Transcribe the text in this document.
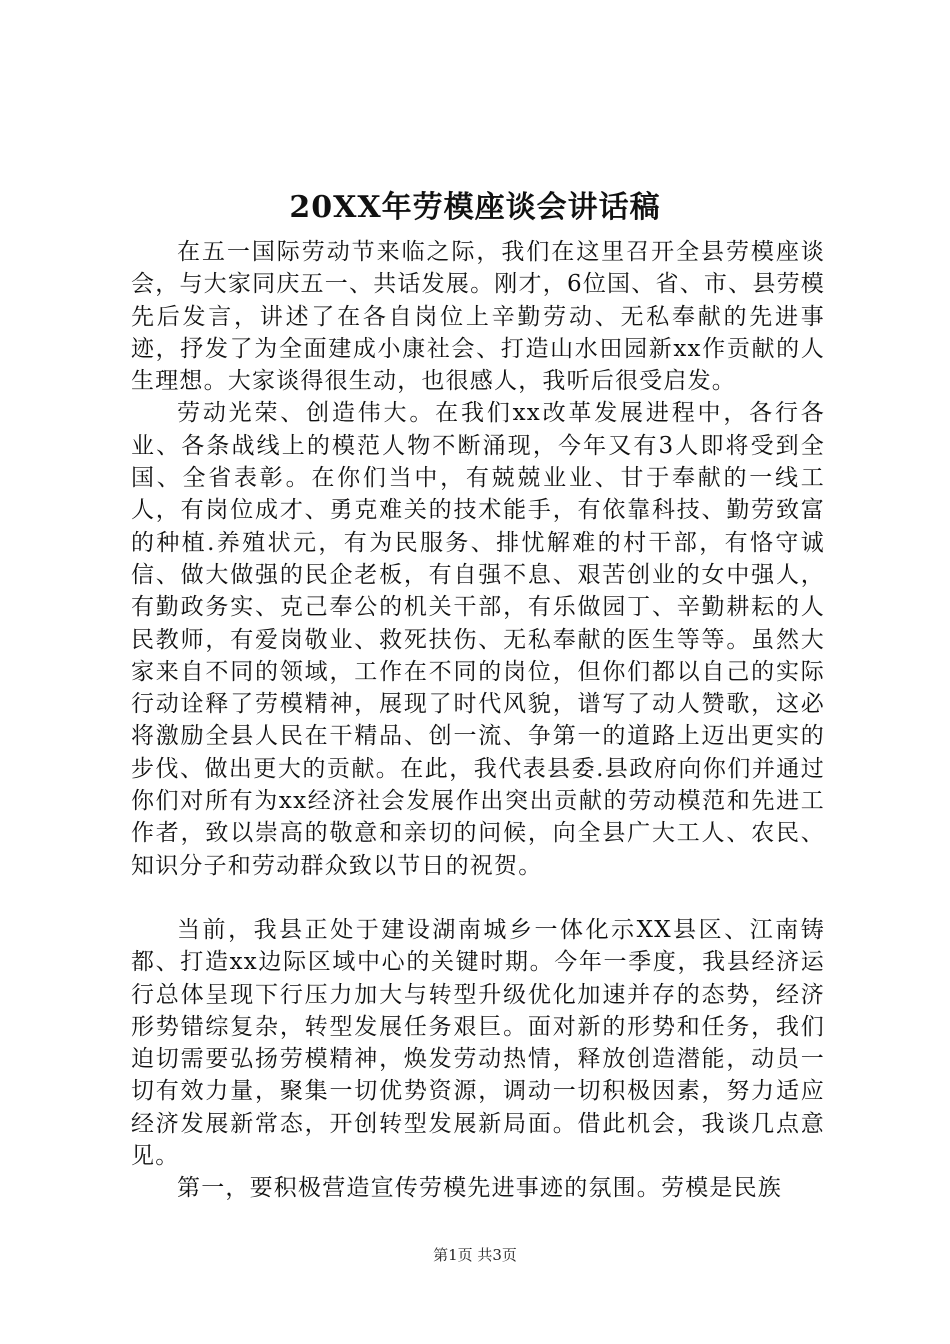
20XX年劳模座谈会讲话稿

在五一国际劳动节来临之际，我们在这里召开全县劳模座谈会，与大家同庆五一、共话发展。刚才，6位国、省、市、县劳模先后发言，讲述了在各自岗位上辛勤劳动、无私奉献的先进事迹，抒发了为全面建成小康社会、打造山水田园新xx作贡献的人生理想。大家谈得很生动，也很感人，我听后很受启发。

劳动光荣、创造伟大。在我们xx改革发展进程中，各行各业、各条战线上的模范人物不断涌现，今年又有3人即将受到全国、全省表彰。在你们当中，有兢兢业业、甘于奉献的一线工人，有岗位成才、勇克难关的技术能手，有依靠科技、勤劳致富的种植.养殖状元，有为民服务、排忧解难的村干部，有恪守诚信、做大做强的民企老板，有自强不息、艰苦创业的女中强人，有勤政务实、克己奉公的机关干部，有乐做园丁、辛勤耕耘的人民教师，有爱岗敬业、救死扶伤、无私奉献的医生等等。虽然大家来自不同的领域，工作在不同的岗位，但你们都以自己的实际行动诠释了劳模精神，展现了时代风貌，谱写了动人赞歌，这必将激励全县人民在干精品、创一流、争第一的道路上迈出更实的步伐、做出更大的贡献。在此，我代表县委.县政府向你们并通过你们对所有为xx经济社会发展作出突出贡献的劳动模范和先进工作者，致以崇高的敬意和亲切的问候，向全县广大工人、农民、知识分子和劳动群众致以节日的祝贺。

当前，我县正处于建设湖南城乡一体化示XX县区、江南铸都、打造xx边际区域中心的关键时期。今年一季度，我县经济运行总体呈现下行压力加大与转型升级优化加速并存的态势，经济形势错综复杂，转型发展任务艰巨。面对新的形势和任务，我们迫切需要弘扬劳模精神，焕发劳动热情，释放创造潜能，动员一切有效力量，聚集一切优势资源，调动一切积极因素，努力适应经济发展新常态，开创转型发展新局面。借此机会，我谈几点意见。

第一，要积极营造宣传劳模先进事迹的氛围。劳模是民族

第1页 共3页
